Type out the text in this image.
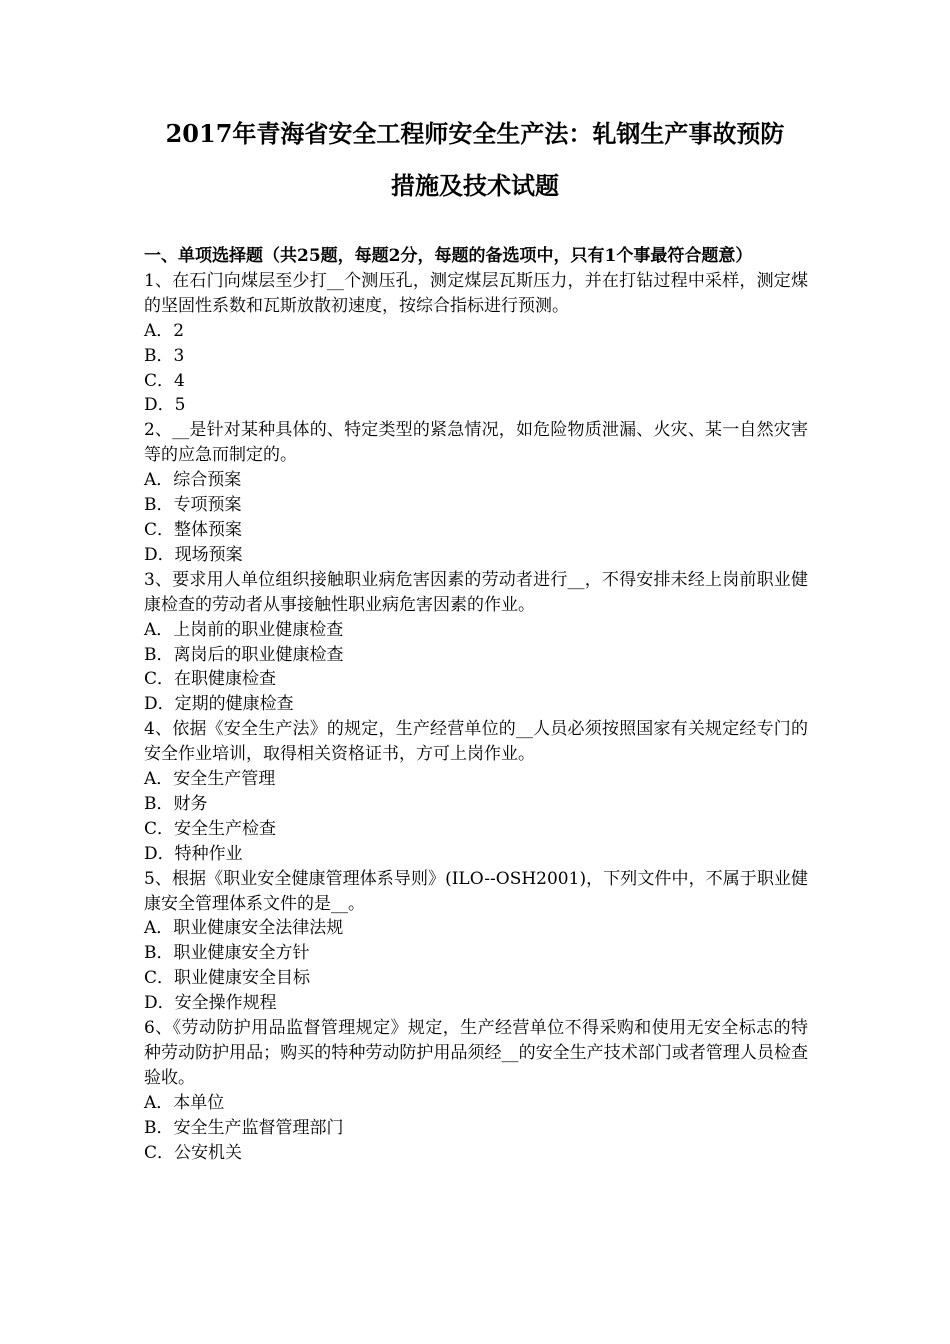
2017年青海省安全工程师安全生产法：轧钢生产事故预防
措施及技术试题

一、单项选择题（共25题，每题2分，每题的备选项中，只有1个事最符合题意）

1、在石门向煤层至少打__个测压孔，测定煤层瓦斯压力，并在打钻过程中采样，测定煤的坚固性系数和瓦斯放散初速度，按综合指标进行预测。

A．2

B．3

C．4

D．5

2、__是针对某种具体的、特定类型的紧急情况，如危险物质泄漏、火灾、某一自然灾害等的应急而制定的。

A．综合预案

B．专项预案

C．整体预案

D．现场预案

3、要求用人单位组织接触职业病危害因素的劳动者进行__，不得安排未经上岗前职业健康检查的劳动者从事接触性职业病危害因素的作业。

A．上岗前的职业健康检查

B．离岗后的职业健康检查

C．在职健康检查

D．定期的健康检查

4、依据《安全生产法》的规定，生产经营单位的__人员必须按照国家有关规定经专门的安全作业培训，取得相关资格证书，方可上岗作业。

A．安全生产管理

B．财务

C．安全生产检查

D．特种作业

5、根据《职业安全健康管理体系导则》(ILO--OSH2001)，下列文件中，不属于职业健康安全管理体系文件的是__。

A．职业健康安全法律法规

B．职业健康安全方针

C．职业健康安全目标

D．安全操作规程

6、《劳动防护用品监督管理规定》规定，生产经营单位不得采购和使用无安全标志的特种劳动防护用品；购买的特种劳动防护用品须经__的安全生产技术部门或者管理人员检查验收。

A．本单位

B．安全生产监督管理部门

C．公安机关
